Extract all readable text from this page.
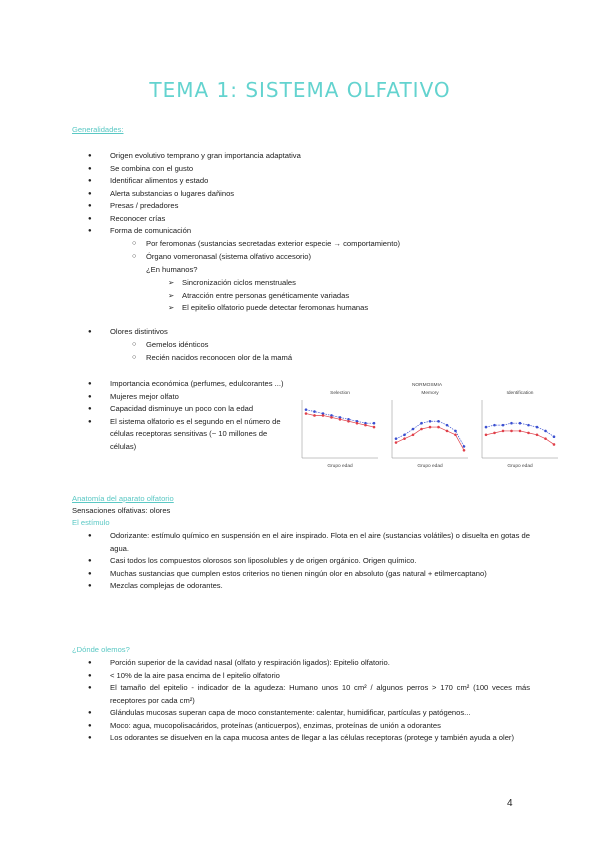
TEMA 1: SISTEMA OLFATIVO
Generalidades:
● Origen evolutivo temprano y gran importancia adaptativa
● Se combina con el gusto
● Identificar alimentos y estado
● Alerta substancias o lugares dañinos
● Presas / predadores
● Reconocer crías
● Forma de comunicación
○ Por feromonas (sustancias secretadas exterior especie → comportamiento)
○ Órgano vomeronasal (sistema olfativo accesorio)
¿En humanos?
➢ Sincronización ciclos menstruales
➢ Atracción entre personas genéticamente variadas
➢ El epitelio olfatorio puede detectar feromonas humanas
● Olores distintivos
○ Gemelos idénticos
○ Recién nacidos reconocen olor de la mamá
● Importancia económica (perfumes, edulcorantes ...)
● Mujeres mejor olfato
● Capacidad disminuye un poco con la edad
● El sistema olfatorio es el segundo en el número de células receptoras sensitivas (~ 10 millones de células)
NORMOSMIA
Selection
Grupo edad
Memory
Grupo edad
Identification
Grupo edad
Anatomía del aparato olfatorio
Sensaciones olfativas: olores
El estímulo
● Odorizante: estímulo químico en suspensión en el aire inspirado. Flota en el aire (sustancias volátiles) o disuelta en gotas de agua.
● Casi todos los compuestos olorosos son liposolubles y de origen orgánico. Origen químico.
● Muchas sustancias que cumplen estos criterios no tienen ningún olor en absoluto (gas natural + etilmercaptano)
● Mezclas complejas de odorantes.
¿Dónde olemos?
● Porción superior de la cavidad nasal (olfato y respiración ligados): Epitelio olfatorio.
● < 10% de la aire pasa encima de l epitelio olfatorio
● El tamaño del epitelio - indicador de la agudeza: Humano unos 10 cm² / algunos perros > 170 cm² (100 veces más receptores por cada cm²)
● Glándulas mucosas superan capa de moco constantemente: calentar, humidificar, partículas y patógenos...
● Moco: agua, mucopolisacáridos, proteínas (anticuerpos), enzimas, proteínas de unión a odorantes
● Los odorantes se disuelven en la capa mucosa antes de llegar a las células receptoras (protege y también ayuda a oler)
4
